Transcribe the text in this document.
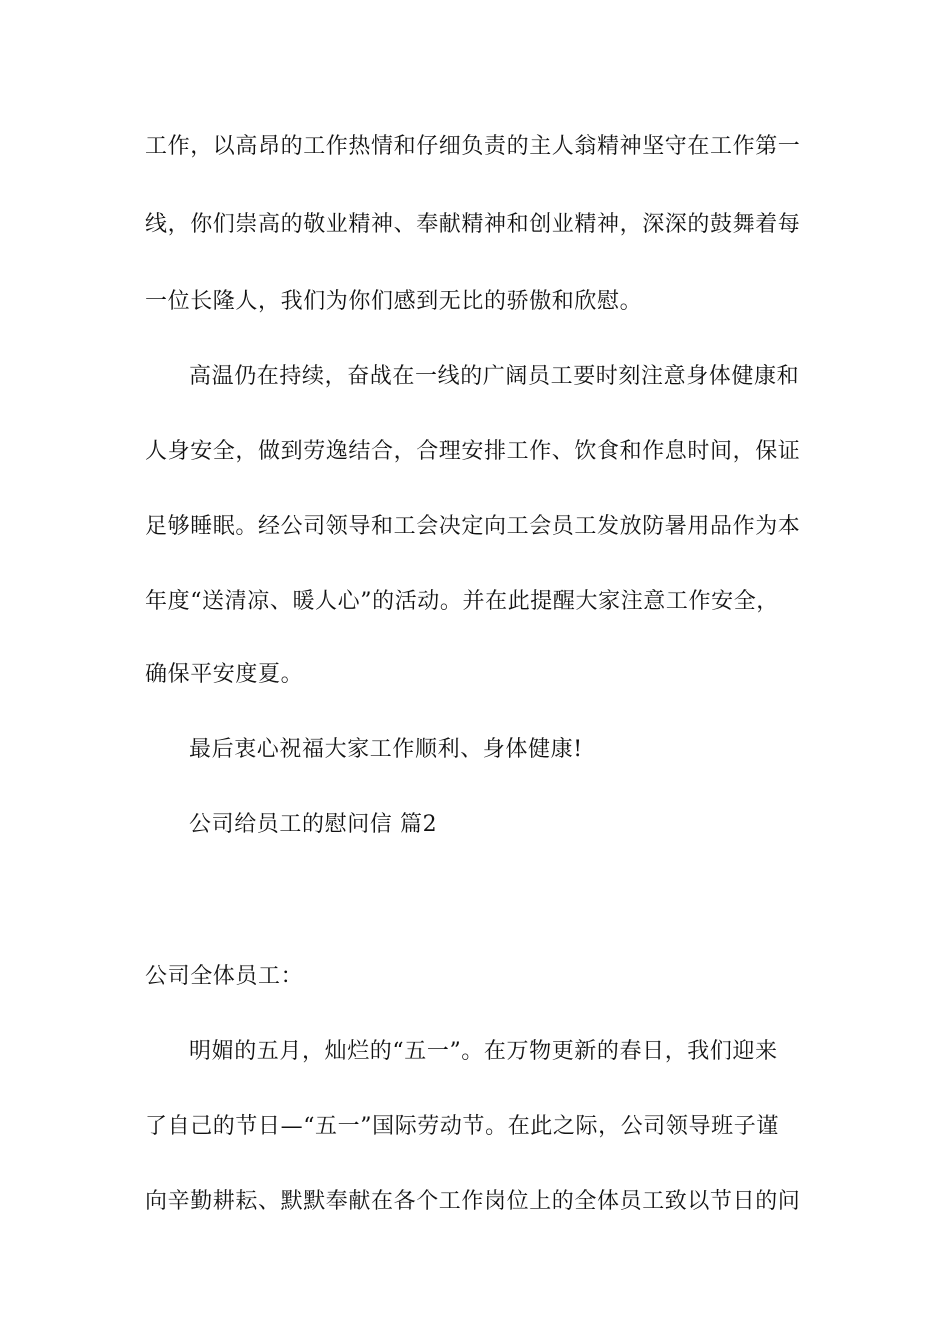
工作，以高昂的工作热情和仔细负责的主人翁精神坚守在工作第一
线，你们崇高的敬业精神、奉献精神和创业精神，深深的鼓舞着每
一位长隆人，我们为你们感到无比的骄傲和欣慰。
高温仍在持续，奋战在一线的广阔员工要时刻注意身体健康和
人身安全，做到劳逸结合，合理安排工作、饮食和作息时间，保证
足够睡眠。经公司领导和工会决定向工会员工发放防暑用品作为本
年度“送清凉、暖人心”的活动。并在此提醒大家注意工作安全，
确保平安度夏。
最后衷心祝福大家工作顺利、身体健康!
公司给员工的慰问信 篇2
公司全体员工：
明媚的五月，灿烂的“五一”。在万物更新的春日，我们迎来
了自己的节日—“五一”国际劳动节。在此之际，公司领导班子谨
向辛勤耕耘、默默奉献在各个工作岗位上的全体员工致以节日的问
